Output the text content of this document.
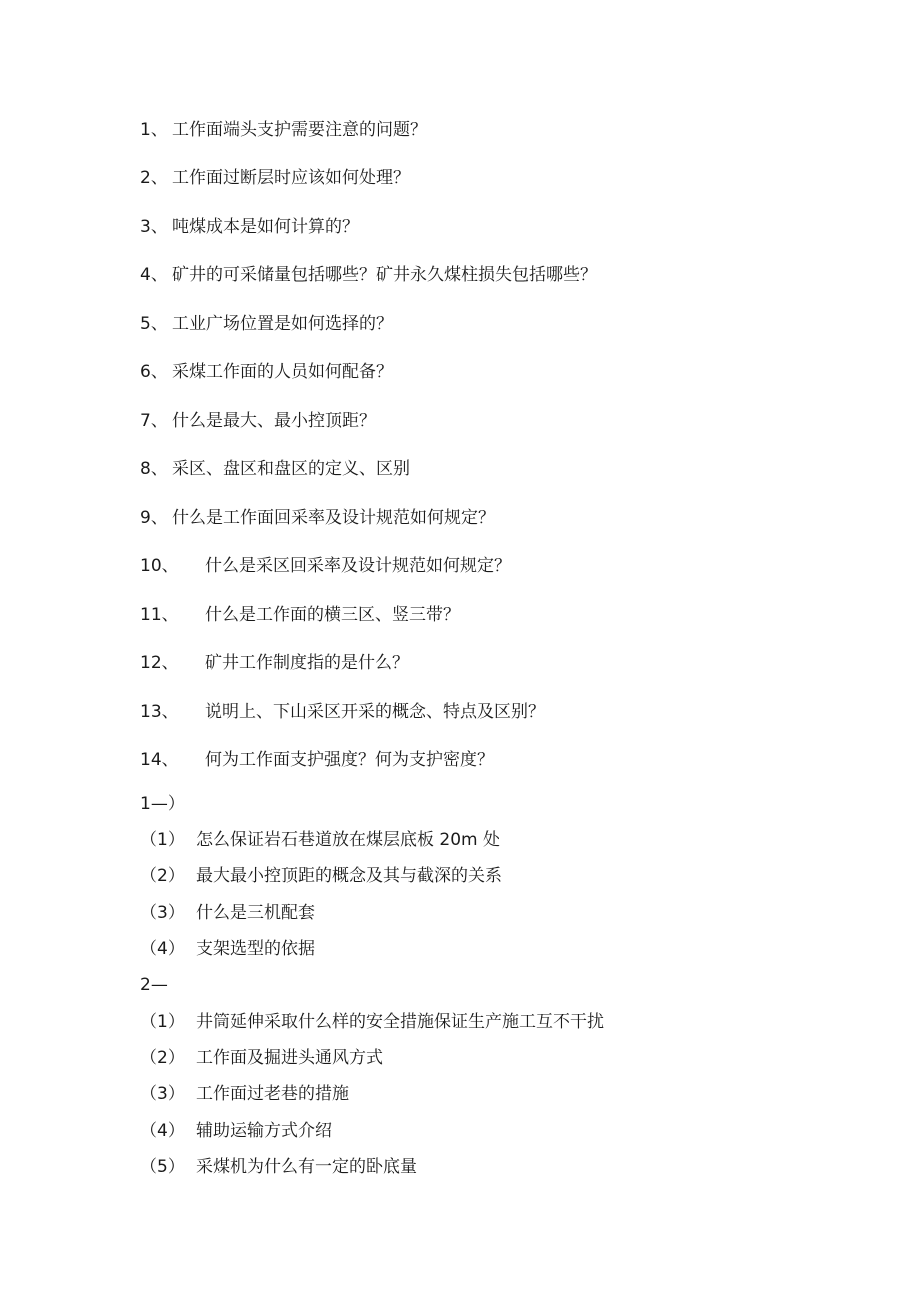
1、 工作面端头支护需要注意的问题？
2、 工作面过断层时应该如何处理？
3、 吨煤成本是如何计算的？
4、 矿井的可采储量包括哪些？矿井永久煤柱损失包括哪些？
5、 工业广场位置是如何选择的？
6、 采煤工作面的人员如何配备？
7、 什么是最大、最小控顶距？
8、 采区、盘区和盘区的定义、区别
9、 什么是工作面回采率及设计规范如何规定？
10、 什么是采区回采率及设计规范如何规定？
11、 什么是工作面的横三区、竖三带？
12、 矿井工作制度指的是什么？
13、 说明上、下山采区开采的概念、特点及区别？
14、 何为工作面支护强度？何为支护密度？
1—）
（1） 怎么保证岩石巷道放在煤层底板 20m 处
（2） 最大最小控顶距的概念及其与截深的关系
（3） 什么是三机配套
（4） 支架选型的依据
2—
（1） 井筒延伸采取什么样的安全措施保证生产施工互不干扰
（2） 工作面及掘进头通风方式
（3） 工作面过老巷的措施
（4） 辅助运输方式介绍
（5） 采煤机为什么有一定的卧底量
